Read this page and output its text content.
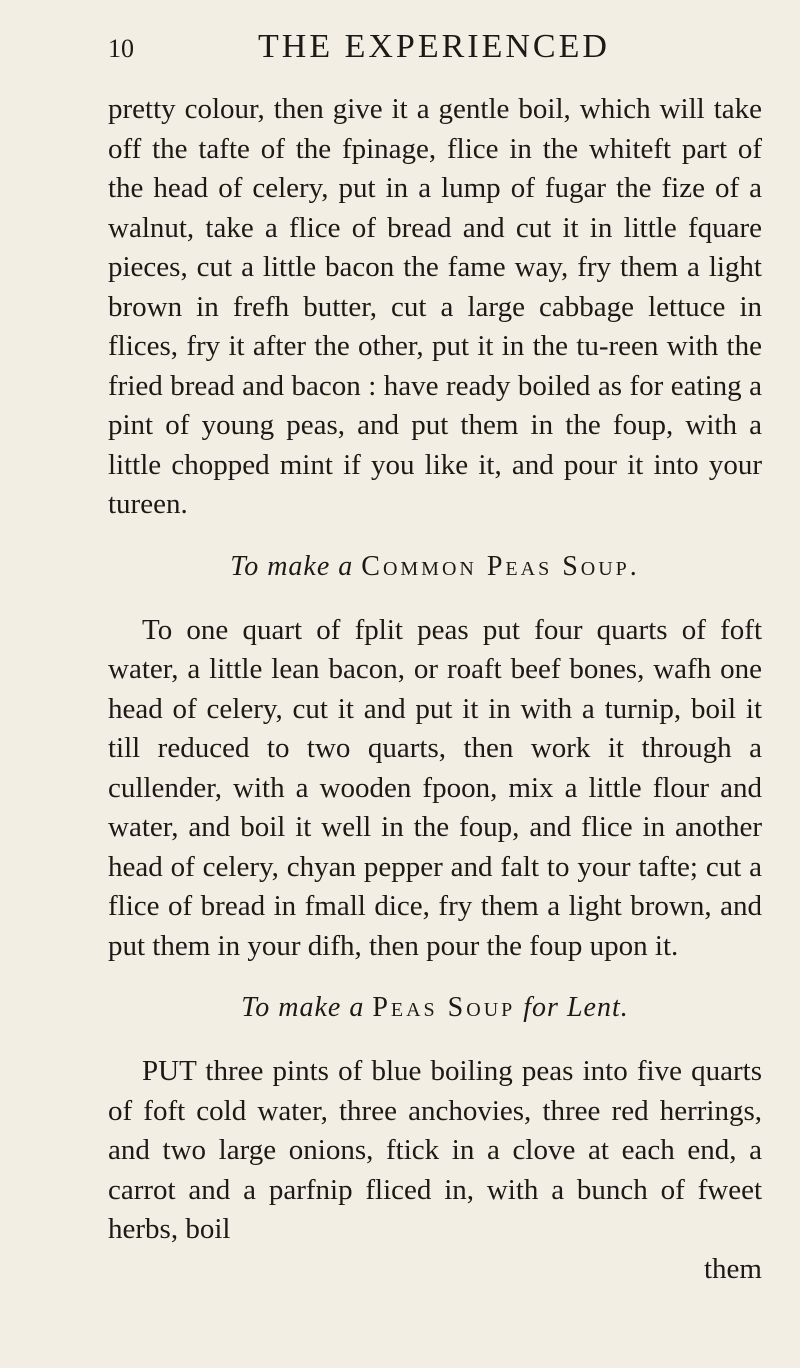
10	THE EXPERIENCED

pretty colour, then give it a gentle boil, which will take off the tafte of the fpinage, flice in the whiteft part of the head of celery, put in a lump of fugar the fize of a walnut, take a flice of bread and cut it in little fquare pieces, cut a little bacon the fame way, fry them a light brown in frefh butter, cut a large cabbage lettuce in flices, fry it after the other, put it in the tu-reen with the fried bread and bacon : have ready boiled as for eating a pint of young peas, and put them in the foup, with a little chopped mint if you like it, and pour it into your tureen.

To make a Common Peas Soup.

To one quart of fplit peas put four quarts of foft water, a little lean bacon, or roaft beef bones, wafh one head of celery, cut it and put it in with a turnip, boil it till reduced to two quarts, then work it through a cullender, with a wooden fpoon, mix a little flour and water, and boil it well in the foup, and flice in another head of celery, chyan pepper and falt to your tafte; cut a flice of bread in fmall dice, fry them a light brown, and put them in your difh, then pour the foup upon it.

To make a Peas Soup for Lent.

PUT three pints of blue boiling peas into five quarts of foft cold water, three anchovies, three red herrings, and two large onions, ftick in a clove at each end, a carrot and a parfnip fliced in, with a bunch of fweet herbs, boil

them
